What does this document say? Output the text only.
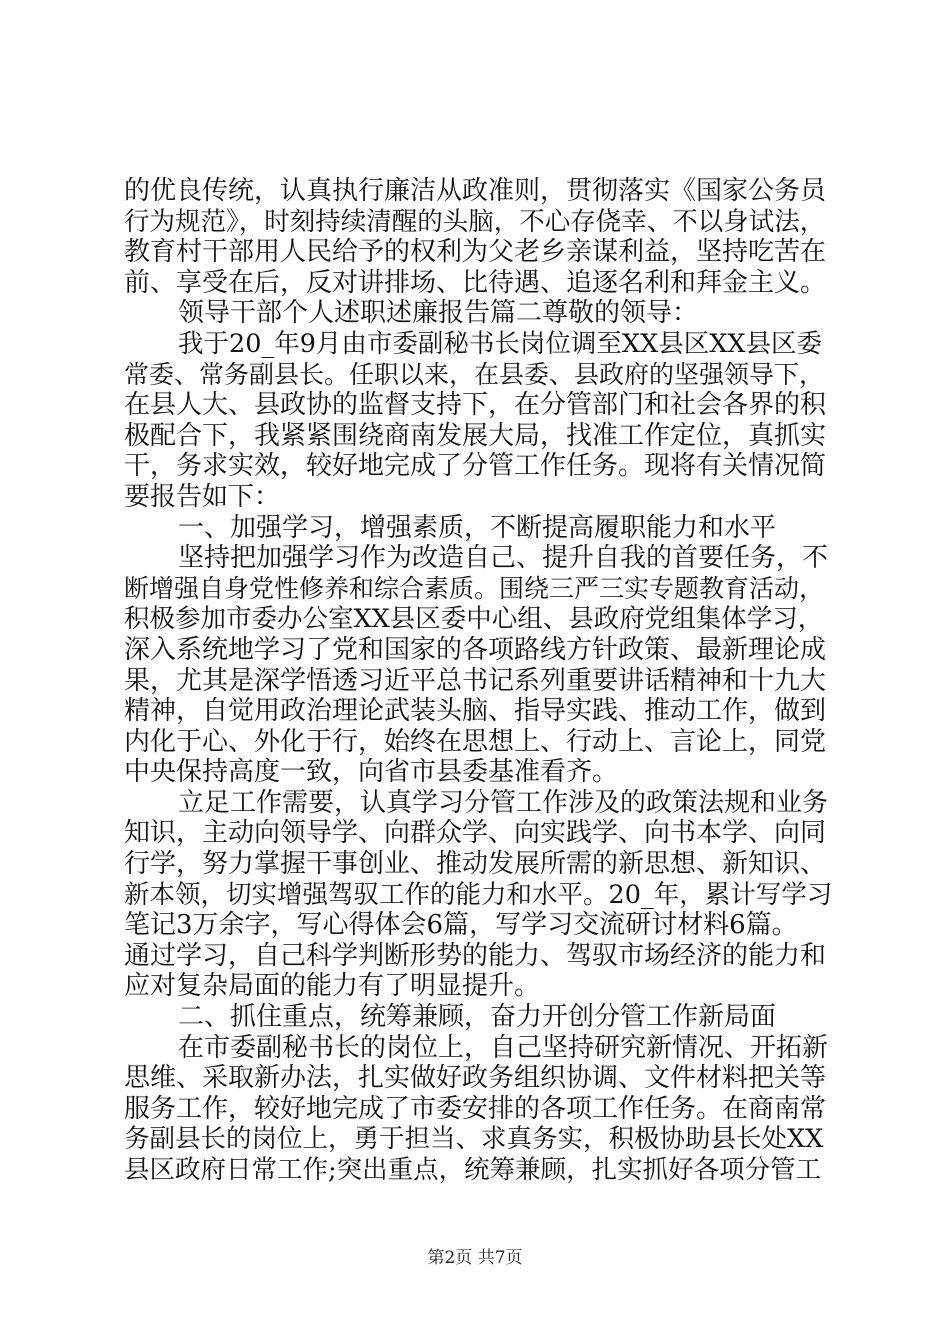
的优良传统，认真执行廉洁从政准则，贯彻落实《国家公务员
行为规范》，时刻持续清醒的头脑，不心存侥幸、不以身试法，
教育村干部用人民给予的权利为父老乡亲谋利益，坚持吃苦在
前、享受在后，反对讲排场、比待遇、追逐名利和拜金主义。
领导干部个人述职述廉报告篇二尊敬的领导：
我于20_年9月由市委副秘书长岗位调至XX县区XX县区委
常委、常务副县长。任职以来，在县委、县政府的坚强领导下，
在县人大、县政协的监督支持下，在分管部门和社会各界的积
极配合下，我紧紧围绕商南发展大局，找准工作定位，真抓实
干，务求实效，较好地完成了分管工作任务。现将有关情况简
要报告如下：
一、加强学习，增强素质，不断提高履职能力和水平
坚持把加强学习作为改造自己、提升自我的首要任务，不
断增强自身党性修养和综合素质。围绕三严三实专题教育活动，
积极参加市委办公室XX县区委中心组、县政府党组集体学习，
深入系统地学习了党和国家的各项路线方针政策、最新理论成
果，尤其是深学悟透习近平总书记系列重要讲话精神和十九大
精神，自觉用政治理论武装头脑、指导实践、推动工作，做到
内化于心、外化于行，始终在思想上、行动上、言论上，同党
中央保持高度一致，向省市县委基准看齐。
立足工作需要，认真学习分管工作涉及的政策法规和业务
知识，主动向领导学、向群众学、向实践学、向书本学、向同
行学，努力掌握干事创业、推动发展所需的新思想、新知识、
新本领，切实增强驾驭工作的能力和水平。20_年，累计写学习
笔记3万余字，写心得体会6篇，写学习交流研讨材料6篇。
通过学习，自己科学判断形势的能力、驾驭市场经济的能力和
应对复杂局面的能力有了明显提升。
二、抓住重点，统筹兼顾，奋力开创分管工作新局面
在市委副秘书长的岗位上，自己坚持研究新情况、开拓新
思维、采取新办法，扎实做好政务组织协调、文件材料把关等
服务工作，较好地完成了市委安排的各项工作任务。在商南常
务副县长的岗位上，勇于担当、求真务实，积极协助县长处XX
县区政府日常工作;突出重点，统筹兼顾，扎实抓好各项分管工
第2页 共7页
